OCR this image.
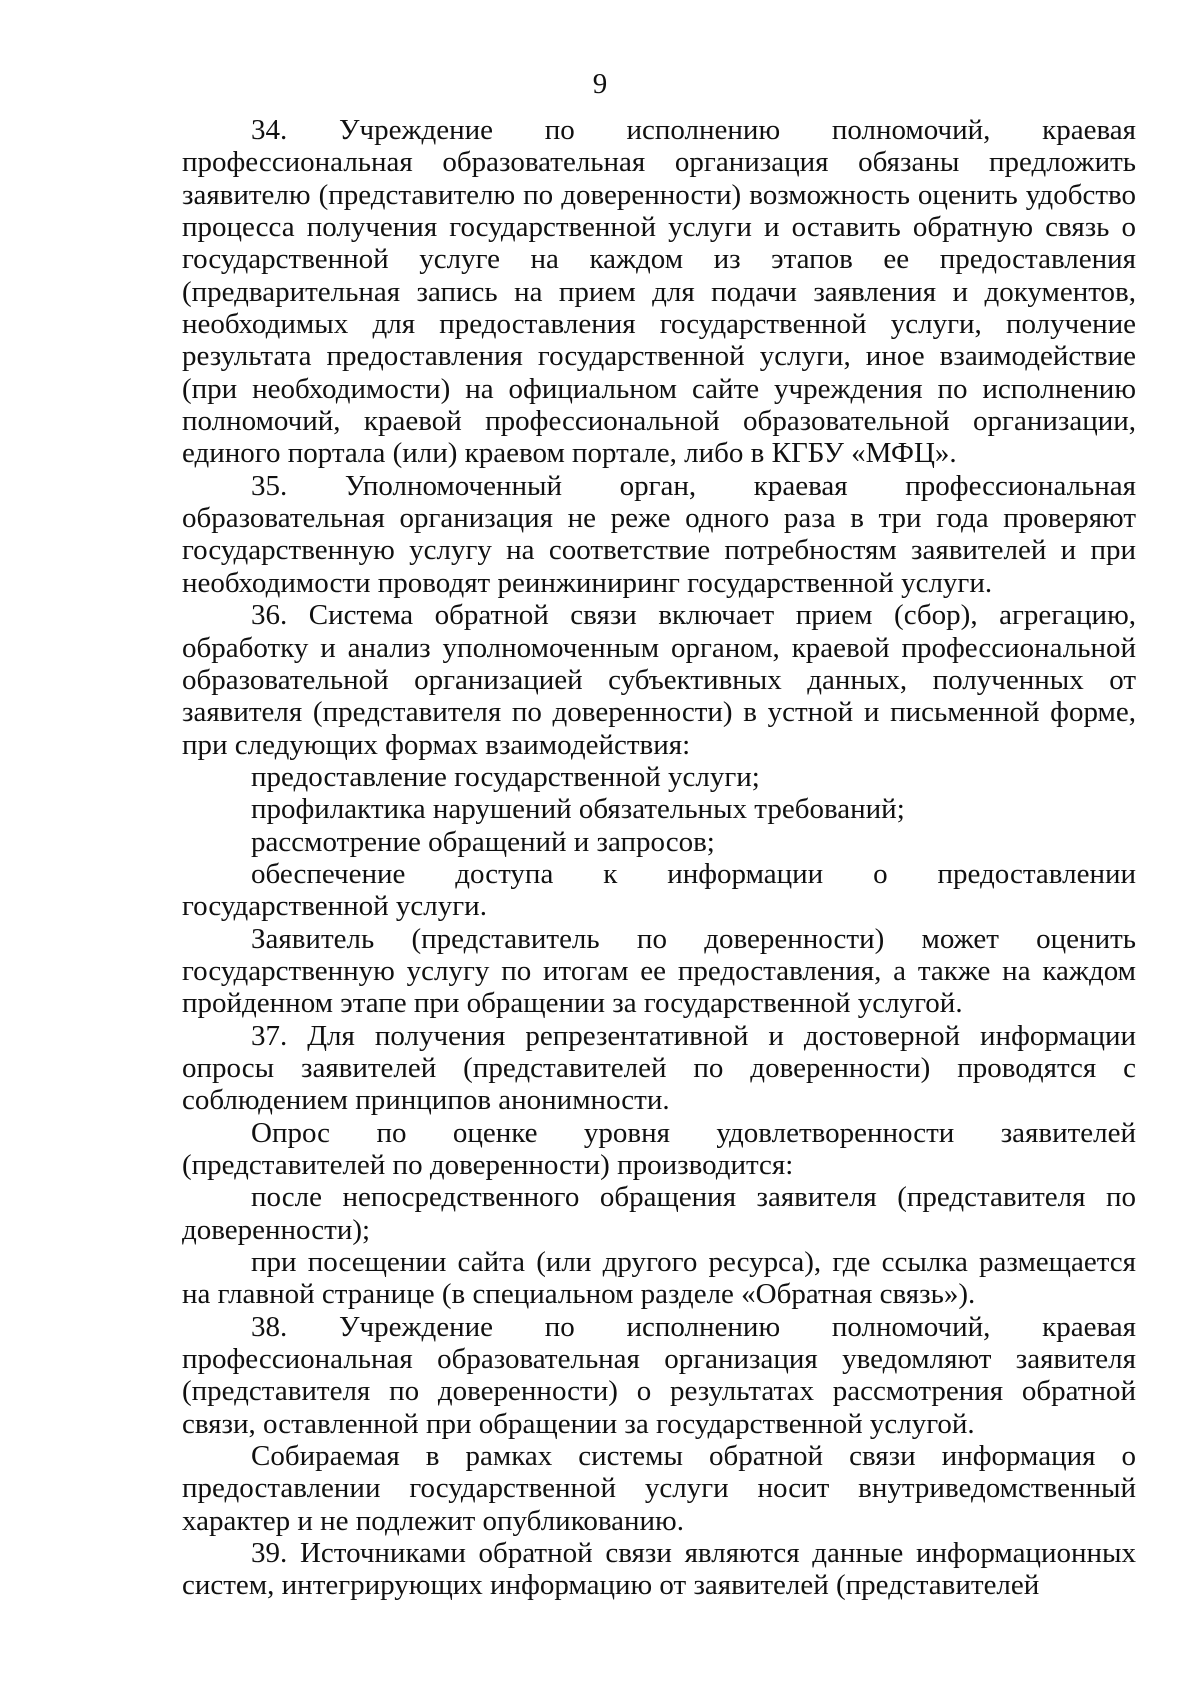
9

34. Учреждение по исполнению полномочий, краевая профессиональная образовательная организация обязаны предложить заявителю (представителю по доверенности) возможность оценить удобство процесса получения государственной услуги и оставить обратную связь о государственной услуге на каждом из этапов ее предоставления (предварительная запись на прием для подачи заявления и документов, необходимых для предоставления государственной услуги, получение результата предоставления государственной услуги, иное взаимодействие (при необходимости) на официальном сайте учреждения по исполнению полномочий, краевой профессиональной образовательной организации, единого портала (или) краевом портале, либо в КГБУ «МФЦ».

35. Уполномоченный орган, краевая профессиональная образовательная организация не реже одного раза в три года проверяют государственную услугу на соответствие потребностям заявителей и при необходимости проводят реинжиниринг государственной услуги.

36. Система обратной связи включает прием (сбор), агрегацию, обработку и анализ уполномоченным органом, краевой профессиональной образовательной организацией субъективных данных, полученных от заявителя (представителя по доверенности) в устной и письменной форме, при следующих формах взаимодействия:

предоставление государственной услуги;

профилактика нарушений обязательных требований;

рассмотрение обращений и запросов;

обеспечение доступа к информации о предоставлении государственной услуги.

Заявитель (представитель по доверенности) может оценить государственную услугу по итогам ее предоставления, а также на каждом пройденном этапе при обращении за государственной услугой.

37. Для получения репрезентативной и достоверной информации опросы заявителей (представителей по доверенности) проводятся с соблюдением принципов анонимности.

Опрос по оценке уровня удовлетворенности заявителей (представителей по доверенности) производится:

после непосредственного обращения заявителя (представителя по доверенности);

при посещении сайта (или другого ресурса), где ссылка размещается на главной странице (в специальном разделе «Обратная связь»).

38. Учреждение по исполнению полномочий, краевая профессиональная образовательная организация уведомляют заявителя (представителя по доверенности) о результатах рассмотрения обратной связи, оставленной при обращении за государственной услугой.

Собираемая в рамках системы обратной связи информация о предоставлении государственной услуги носит внутриведомственный характер и не подлежит опубликованию.

39. Источниками обратной связи являются данные информационных систем, интегрирующих информацию от заявителей (представителей
